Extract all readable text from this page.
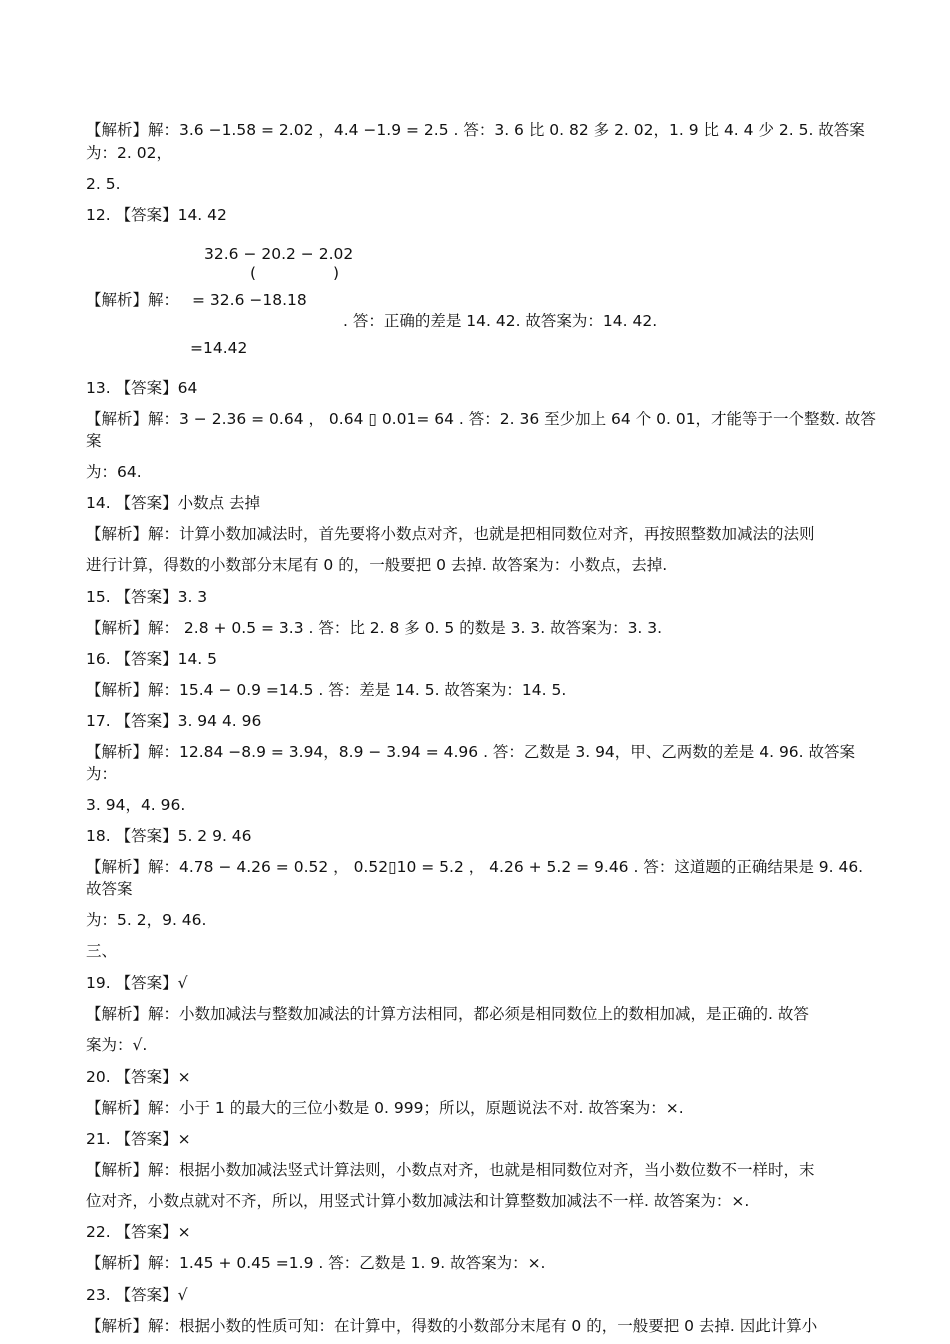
【解析】解：3.6 −1.58 = 2.02 ，4.4 −1.9 = 2.5 . 答：3. 6 比 0. 82 多 2. 02，1. 9 比 4. 4 少 2. 5. 故答案
为：2. 02，
2. 5.
12. 【答案】14. 42
32.6 − 20.2 − 2.02
(	)
【解析】解： = 32.6 −18.18
. 答：正确的差是 14. 42. 故答案为：14. 42.
=14.42
13. 【答案】64
【解析】解：3 − 2.36 = 0.64 ， 0.64 ▯ 0.01= 64 . 答：2. 36 至少加上 64 个 0. 01，才能等于一个整数. 故答
案
为：64.
14. 【答案】小数点 去掉
【解析】解：计算小数加减法时，首先要将小数点对齐，也就是把相同数位对齐，再按照整数加减法的法则
进行计算，得数的小数部分末尾有 0 的，一般要把 0 去掉. 故答案为：小数点，去掉.
15. 【答案】3. 3
【解析】解： 2.8 + 0.5 = 3.3 . 答：比 2. 8 多 0. 5 的数是 3. 3. 故答案为：3. 3.
16. 【答案】14. 5
【解析】解：15.4 − 0.9 =14.5 . 答：差是 14. 5. 故答案为：14. 5.
17. 【答案】3. 94 4. 96
【解析】解：12.84 −8.9 = 3.94，8.9 − 3.94 = 4.96 . 答：乙数是 3. 94，甲、乙两数的差是 4. 96. 故答案
为：
3. 94，4. 96.
18. 【答案】5. 2 9. 46
【解析】解：4.78 − 4.26 = 0.52 ， 0.52▯10 = 5.2 ， 4.26 + 5.2 = 9.46 . 答：这道题的正确结果是 9. 46.
故答案
为：5. 2，9. 46.
三、
19. 【答案】√
【解析】解：小数加减法与整数加减法的计算方法相同，都必须是相同数位上的数相加减，是正确的. 故答
案为：√.
20. 【答案】×
【解析】解：小于 1 的最大的三位小数是 0. 999；所以，原题说法不对. 故答案为：×.
21. 【答案】×
【解析】解：根据小数加减法竖式计算法则，小数点对齐，也就是相同数位对齐，当小数位数不一样时，末
位对齐，小数点就对不齐，所以，用竖式计算小数加减法和计算整数加减法不一样. 故答案为：×.
22. 【答案】×
【解析】解：1.45 + 0.45 =1.9 . 答：乙数是 1. 9. 故答案为：×.
23. 【答案】√
【解析】解：根据小数的性质可知：在计算中，得数的小数部分末尾有 0 的，一般要把 0 去掉. 因此计算小
